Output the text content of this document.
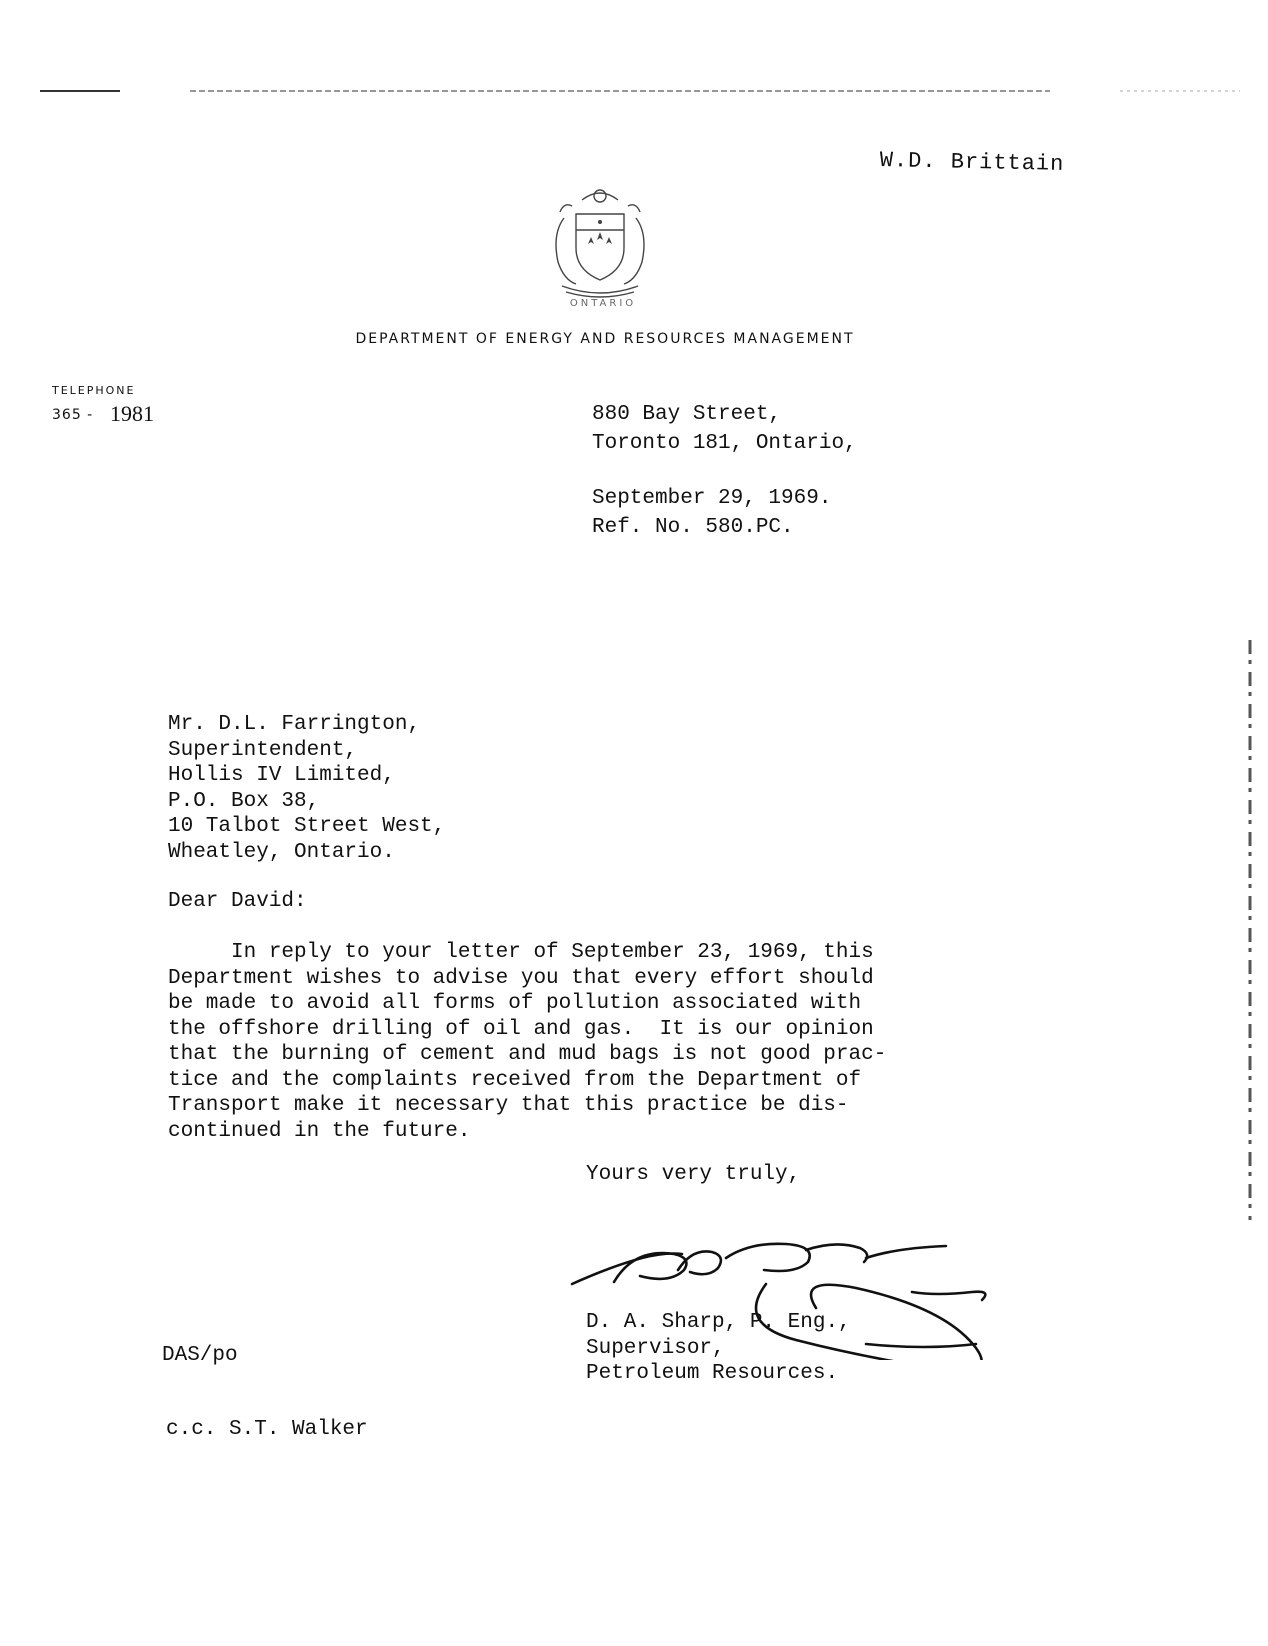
W.D. Brittain
ONTARIO
DEPARTMENT OF ENERGY AND RESOURCES MANAGEMENT
TELEPHONE
365 - 1981	880 Bay Street,
Toronto 181, Ontario,
September 29, 1969.
Ref. No. 580.PC.
Mr. D.L. Farrington,
Superintendent,
Hollis IV Limited,
P.O. Box 38,
10 Talbot Street West,
Wheatley, Ontario.
Dear David:
In reply to your letter of September 23, 1969, this
Department wishes to advise you that every effort should
be made to avoid all forms of pollution associated with
the offshore drilling of oil and gas.  It is our opinion
that the burning of cement and mud bags is not good prac-
tice and the complaints received from the Department of
Transport make it necessary that this practice be dis-
continued in the future.
Yours very truly,
D. A. Sharp, P. Eng.,
Supervisor,
Petroleum Resources.
DAS/po
c.c. S.T. Walker
